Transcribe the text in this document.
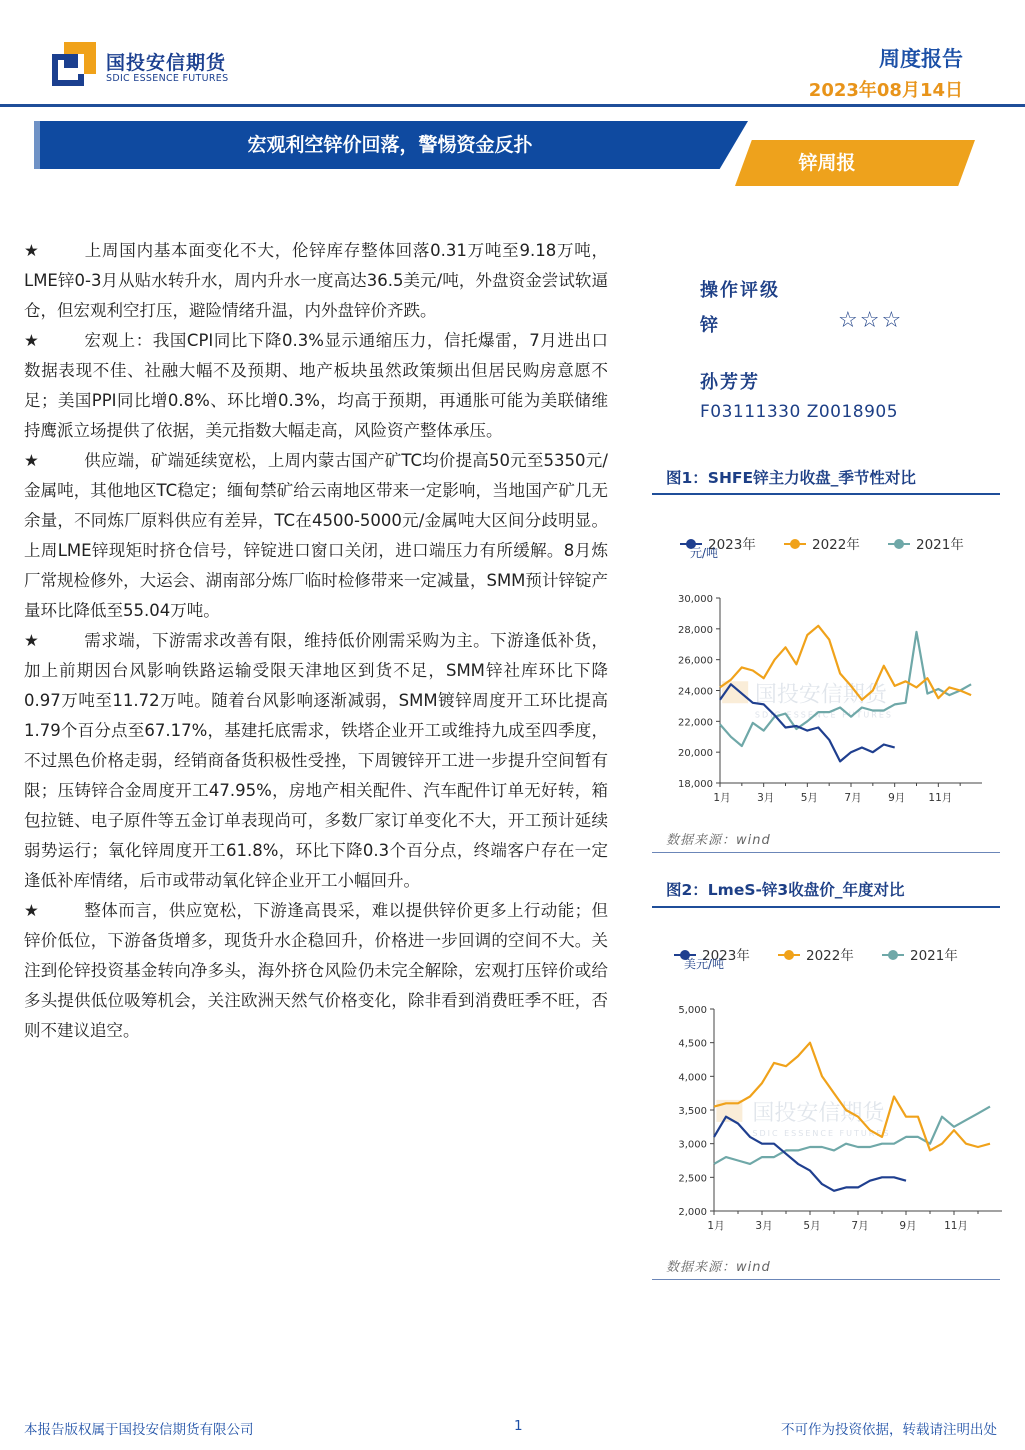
国投安信期货
SDIC ESSENCE FUTURES
周度报告
2023年08月14日
宏观利空锌价回落，警惕资金反扑
锌周报

★	上周国内基本面变化不大，伦锌库存整体回落0.31万吨至9.18万吨，LME锌0-3月从贴水转升水，周内升水一度高达36.5美元/吨，外盘资金尝试软逼仓，但宏观利空打压，避险情绪升温，内外盘锌价齐跌。

★	宏观上：我国CPI同比下降0.3%显示通缩压力，信托爆雷，7月进出口数据表现不佳、社融大幅不及预期、地产板块虽然政策频出但居民购房意愿不足；美国PPI同比增0.8%、环比增0.3%，均高于预期，再通胀可能为美联储维持鹰派立场提供了依据，美元指数大幅走高，风险资产整体承压。

★	供应端，矿端延续宽松，上周内蒙古国产矿TC均价提高50元至5350元/金属吨，其他地区TC稳定；缅甸禁矿给云南地区带来一定影响，当地国产矿几无余量，不同炼厂原料供应有差异，TC在4500-5000元/金属吨大区间分歧明显。上周LME锌现矩时挤仓信号，锌锭进口窗口关闭，进口端压力有所缓解。8月炼厂常规检修外，大运会、湖南部分炼厂临时检修带来一定减量，SMM预计锌锭产量环比降低至55.04万吨。

★	需求端，下游需求改善有限，维持低价刚需采购为主。下游逢低补货，加上前期因台风影响铁路运输受限天津地区到货不足，SMM锌社库环比下降0.97万吨至11.72万吨。随着台风影响逐渐减弱，SMM镀锌周度开工环比提高1.79个百分点至67.17%，基建托底需求，铁塔企业开工或维持九成至四季度，不过黑色价格走弱，经销商备货积极性受挫，下周镀锌开工进一步提升空间暂有限；压铸锌合金周度开工47.95%，房地产相关配件、汽车配件订单无好转，箱包拉链、电子原件等五金订单表现尚可，多数厂家订单变化不大，开工预计延续弱势运行；氧化锌周度开工61.8%，环比下降0.3个百分点，终端客户存在一定逢低补库情绪，后市或带动氧化锌企业开工小幅回升。

★	整体而言，供应宽松，下游逢高畏采，难以提供锌价更多上行动能；但锌价低位，下游备货增多，现货升水企稳回升，价格进一步回调的空间不大。关注到伦锌投资基金转向净多头，海外挤仓风险仍未完全解除，宏观打压锌价或给多头提供低位吸筹机会，关注欧洲天然气价格变化，除非看到消费旺季不旺，否则不建议追空。

操作评级
锌	☆☆☆
孙芳芳
F03111330 Z0018905
图1：SHFE锌主力收盘_季节性对比
国投安信期货
SDIC ESSENCE FUTURES
2023年	2022年	2021年
元/吨
18,000
20,000
22,000
24,000
26,000
28,000
30,000
1月	3月	5月	7月	9月 11月
数据来源：wind
图2：LmeS-锌3收盘价_年度对比
国投安信期货
SDIC ESSENCE FUTURES
2023年	2022年	2021年
美元/吨
2,000
2,500
3,000
3,500
4,000
4,500
5,000
1月	3月	5月	7月	9月	11月
数据来源：wind
本报告版权属于国投安信期货有限公司	1	不可作为投资依据，转载请注明出处
